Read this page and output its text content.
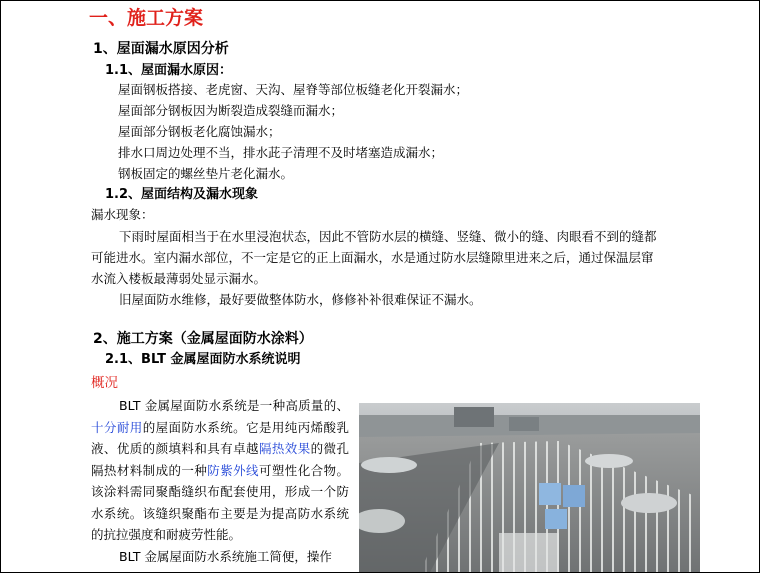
一、施工方案
1、屋面漏水原因分析
1.1、屋面漏水原因：
屋面钢板搭接、老虎窗、天沟、屋脊等部位板缝老化开裂漏水；
屋面部分钢板因为断裂造成裂缝而漏水；
屋面部分钢板老化腐蚀漏水；
排水口周边处理不当，排水茈子清理不及时堵塞造成漏水；
钢板固定的螺丝垫片老化漏水。
1.2、屋面结构及漏水现象
漏水现象：

下雨时屋面相当于在水里浸泡状态，因此不管防水层的横缝、竖缝、微小的缝、肉眼看不到的缝都可能进水。室内漏水部位，不一定是它的正上面漏水，水是通过防水层缝隙里进来之后，通过保温层窜水流入楼板最薄弱处显示漏水。

旧屋面防水维修，最好要做整体防水，修修补补很难保证不漏水。

2、施工方案（金属屋面防水涂料）
2.1、BLT 金属屋面防水系统说明
概况

BLT 金属屋面防水系统是一种高质量的、十分耐用的屋面防水系统。它是用纯丙烯酸乳液、优质的颜填料和具有卓越隔热效果的微孔隔热材料制成的一种防紫外线可塑性化合物。该涂料需同聚酯缝织布配套使用，形成一个防水系统。该缝织聚酯布主要是为提高防水系统的抗拉强度和耐疲劳性能。
BLT 金属屋面防水系统施工简便，操作
